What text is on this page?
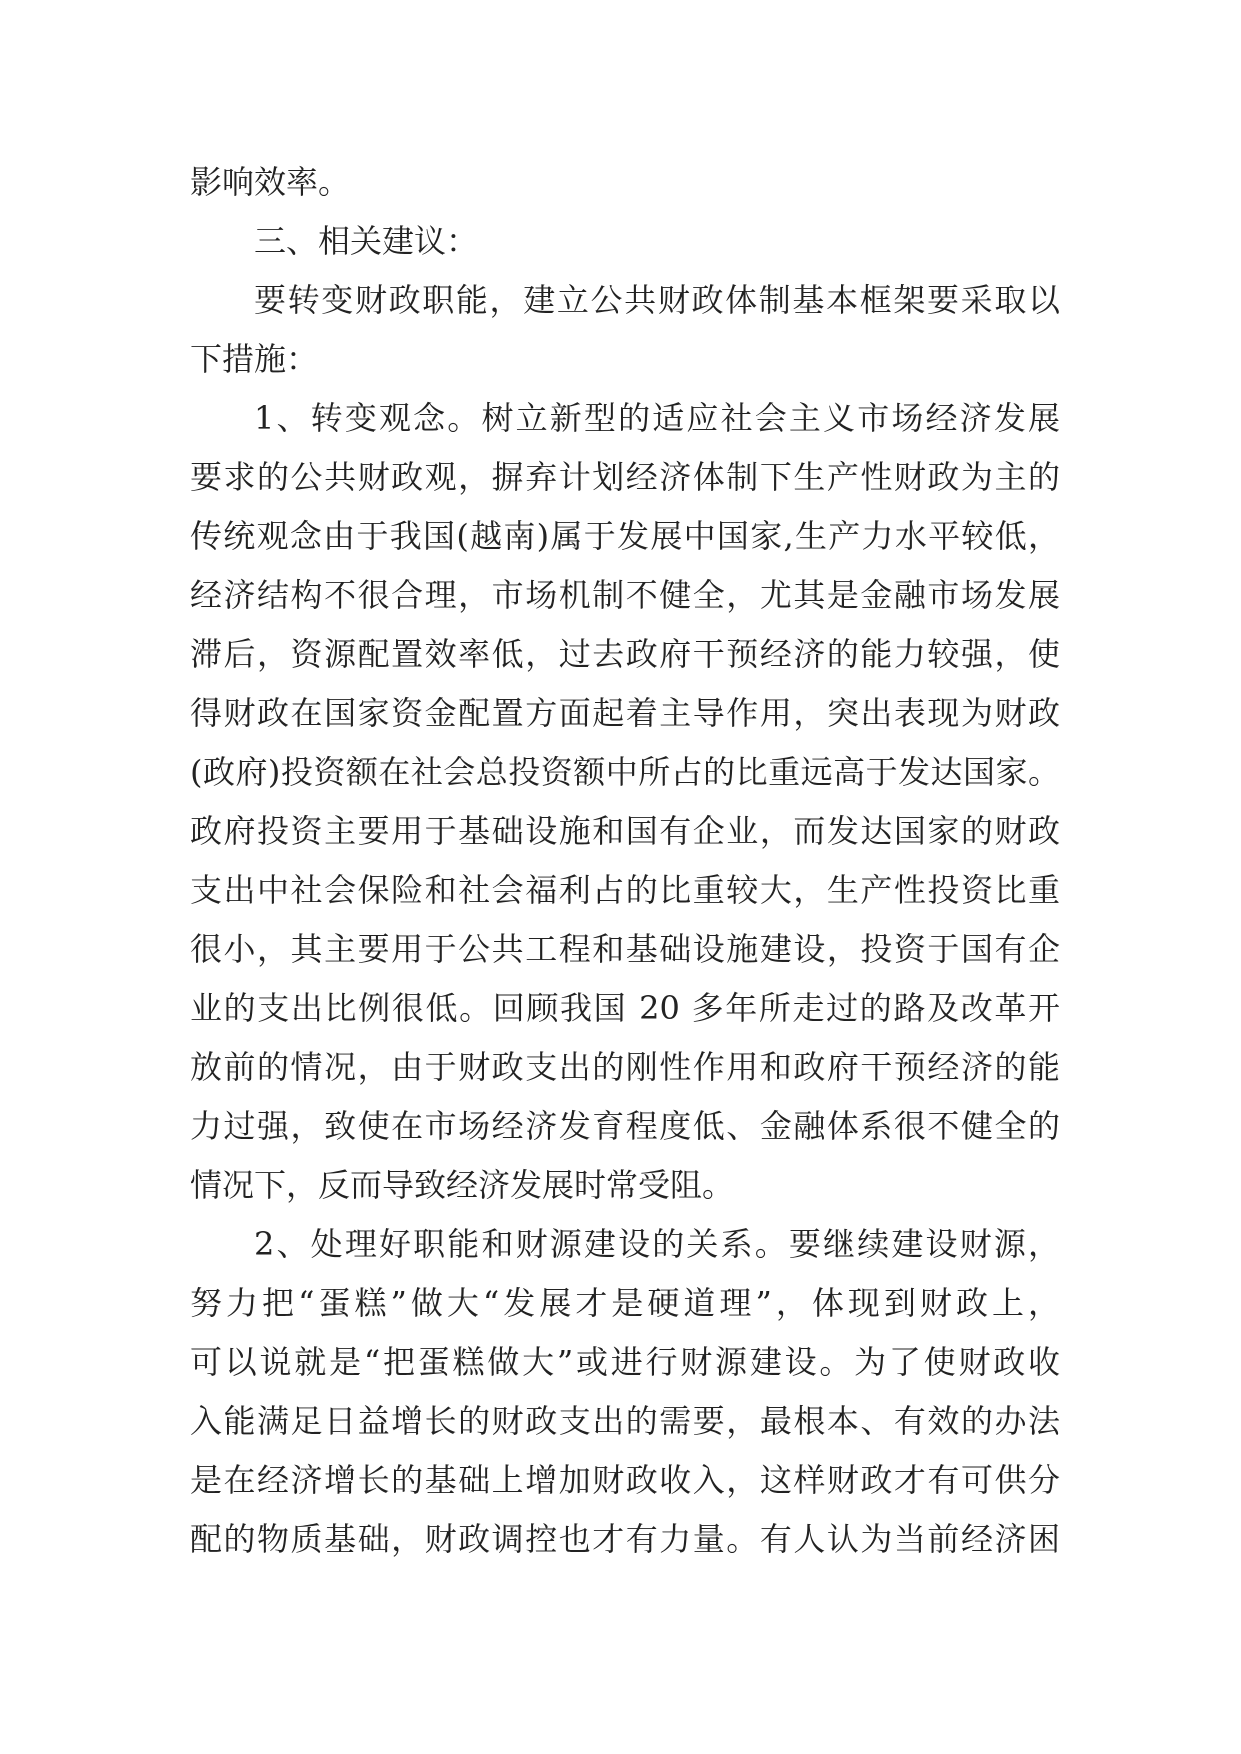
影响效率。
三、相关建议：
要转变财政职能，建立公共财政体制基本框架要采取以
下措施：
1、转变观念。树立新型的适应社会主义市场经济发展
要求的公共财政观，摒弃计划经济体制下生产性财政为主的
传统观念由于我国(越南)属于发展中国家,生产力水平较低，
经济结构不很合理，市场机制不健全，尤其是金融市场发展
滞后，资源配置效率低，过去政府干预经济的能力较强，使
得财政在国家资金配置方面起着主导作用，突出表现为财政
(政府)投资额在社会总投资额中所占的比重远高于发达国家。
政府投资主要用于基础设施和国有企业，而发达国家的财政
支出中社会保险和社会福利占的比重较大，生产性投资比重
很小，其主要用于公共工程和基础设施建设，投资于国有企
业的支出比例很低。回顾我国 20 多年所走过的路及改革开
放前的情况，由于财政支出的刚性作用和政府干预经济的能
力过强，致使在市场经济发育程度低、金融体系很不健全的
情况下，反而导致经济发展时常受阻。
2、处理好职能和财源建设的关系。要继续建设财源，
努力把“蛋糕”做大“发展才是硬道理”，体现到财政上，
可以说就是“把蛋糕做大”或进行财源建设。为了使财政收
入能满足日益增长的财政支出的需要，最根本、有效的办法
是在经济增长的基础上增加财政收入，这样财政才有可供分
配的物质基础，财政调控也才有力量。有人认为当前经济困
